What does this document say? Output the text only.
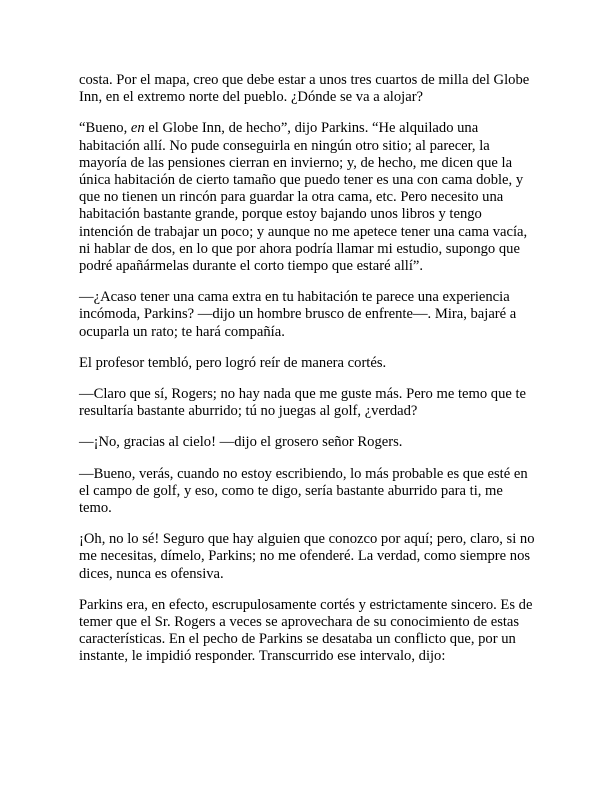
costa. Por el mapa, creo que debe estar a unos tres cuartos de milla del Globe Inn, en el extremo norte del pueblo. ¿Dónde se va a alojar?

“Bueno, en el Globe Inn, de hecho”, dijo Parkins. “He alquilado una habitación allí. No pude conseguirla en ningún otro sitio; al parecer, la mayoría de las pensiones cierran en invierno; y, de hecho, me dicen que la única habitación de cierto tamaño que puedo tener es una con cama doble, y que no tienen un rincón para guardar la otra cama, etc. Pero necesito una habitación bastante grande, porque estoy bajando unos libros y tengo intención de trabajar un poco; y aunque no me apetece tener una cama vacía, ni hablar de dos, en lo que por ahora podría llamar mi estudio, supongo que podré apañármelas durante el corto tiempo que estaré allí”.

—¿Acaso tener una cama extra en tu habitación te parece una experiencia incómoda, Parkins? —dijo un hombre brusco de enfrente—. Mira, bajaré a ocuparla un rato; te hará compañía.

El profesor tembló, pero logró reír de manera cortés.

—Claro que sí, Rogers; no hay nada que me guste más. Pero me temo que te resultaría bastante aburrido; tú no juegas al golf, ¿verdad?

—¡No, gracias al cielo! —dijo el grosero señor Rogers.

—Bueno, verás, cuando no estoy escribiendo, lo más probable es que esté en el campo de golf, y eso, como te digo, sería bastante aburrido para ti, me temo.

¡Oh, no lo sé! Seguro que hay alguien que conozco por aquí; pero, claro, si no me necesitas, dímelo, Parkins; no me ofenderé. La verdad, como siempre nos dices, nunca es ofensiva.

Parkins era, en efecto, escrupulosamente cortés y estrictamente sincero. Es de temer que el Sr. Rogers a veces se aprovechara de su conocimiento de estas características. En el pecho de Parkins se desataba un conflicto que, por un instante, le impidió responder. Transcurrido ese intervalo, dijo:
